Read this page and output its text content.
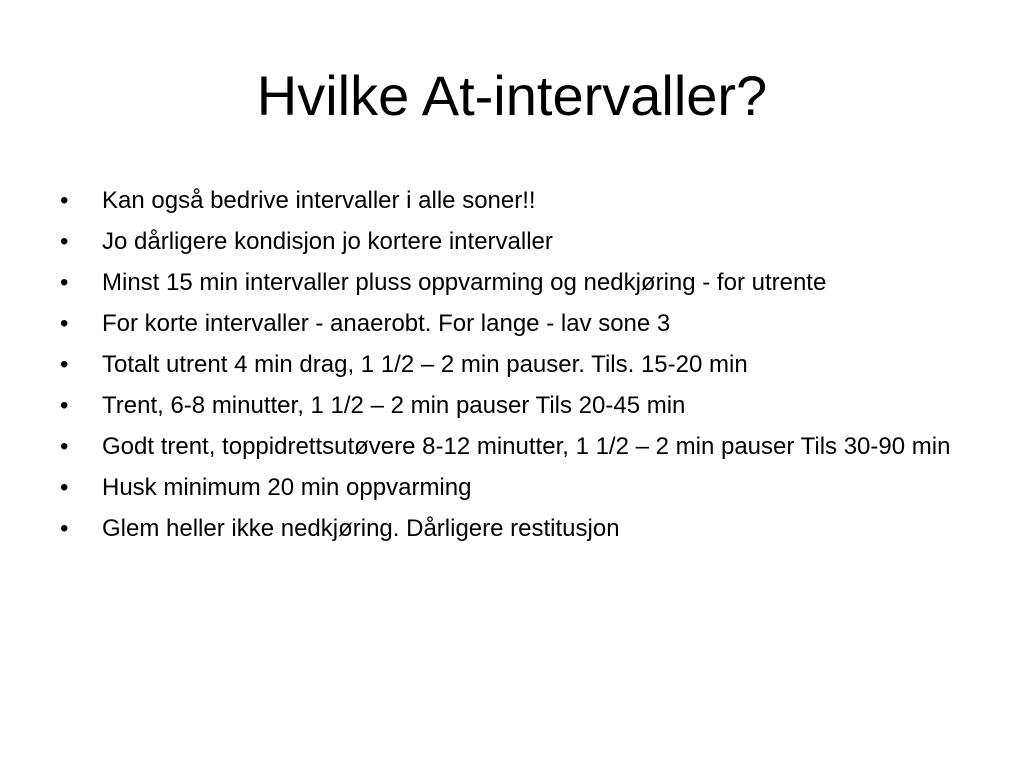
Hvilke At-intervaller?
•	Kan også bedrive intervaller i alle soner!!
•	Jo dårligere kondisjon jo kortere intervaller
•	Minst 15 min intervaller pluss oppvarming og nedkjøring - for utrente
•	For korte intervaller - anaerobt. For lange - lav sone 3
•	Totalt utrent 4 min drag, 1 1/2 – 2 min pauser. Tils. 15-20 min
•	Trent, 6-8 minutter, 1 1/2 – 2 min pauser Tils 20-45 min
•	Godt trent, toppidrettsutøvere 8-12 minutter, 1 1/2 – 2 min pauser Tils 30-90 min
•	Husk minimum 20 min oppvarming
•	Glem heller ikke nedkjøring. Dårligere restitusjon
